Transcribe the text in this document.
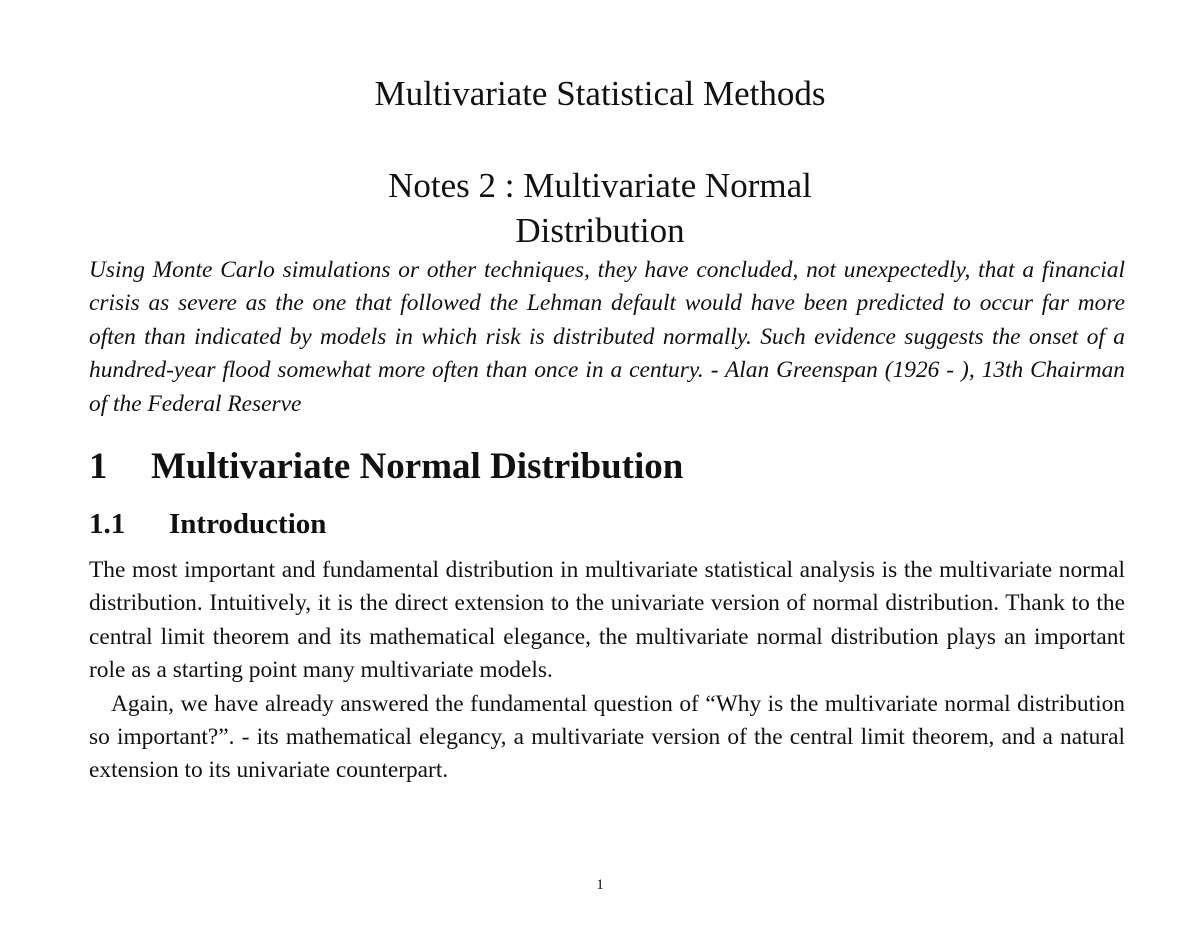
Multivariate Statistical Methods
Notes 2 : Multivariate Normal
Distribution

Using Monte Carlo simulations or other techniques, they have concluded, not unexpectedly, that a financial crisis as severe as the one that followed the Lehman default would have been predicted to occur far more often than indicated by models in which risk is distributed normally. Such evidence suggests the onset of a hundred-year flood somewhat more often than once in a century. - Alan Greenspan (1926 - ), 13th Chairman of the Federal Reserve

1 Multivariate Normal Distribution
1.1 Introduction

The most important and fundamental distribution in multivariate statistical analysis is the multivariate normal distribution. Intuitively, it is the direct extension to the univariate version of normal distribution. Thank to the central limit theorem and its mathematical elegance, the multivariate normal distribution plays an important role as a starting point many multivariate models.

Again, we have already answered the fundamental question of “Why is the multivariate normal distribution so important?”. - its mathematical elegancy, a multivariate version of the central limit theorem, and a natural extension to its univariate counterpart.

1
